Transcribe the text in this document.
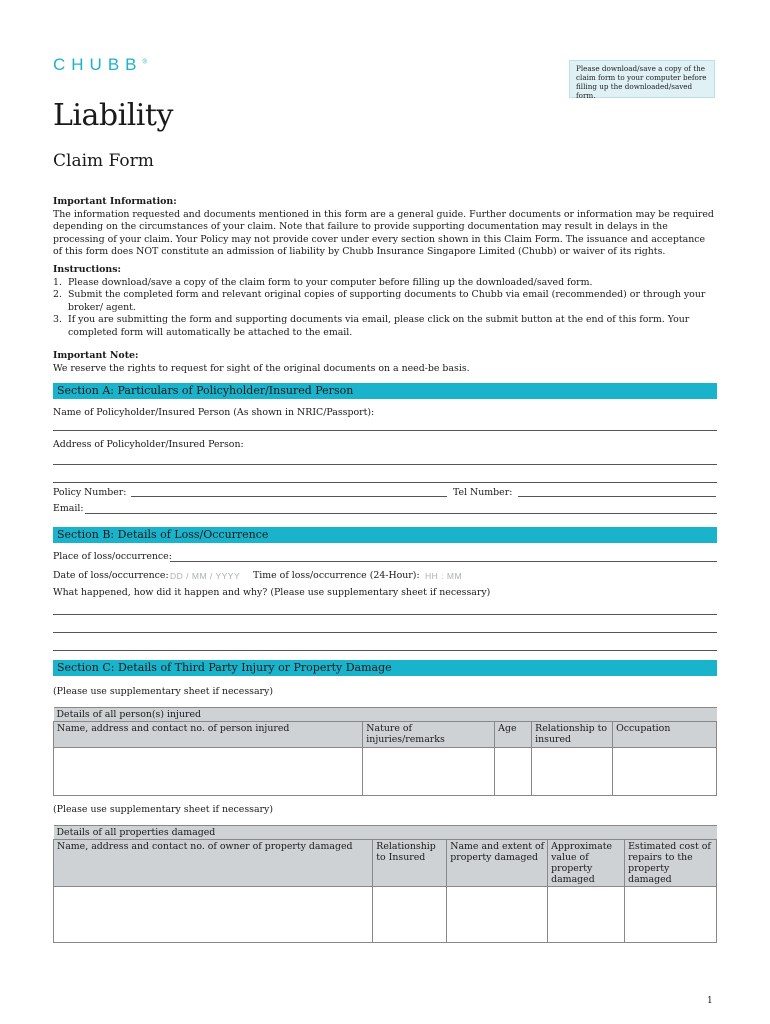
CHUBB®
Please download/save a copy of the claim form to your computer before filling up the downloaded/saved form.
Liability
Claim Form
Important Information:
The information requested and documents mentioned in this form are a general guide. Further documents or information may be required depending on the circumstances of your claim. Note that failure to provide supporting documentation may result in delays in the processing of your claim. Your Policy may not provide cover under every section shown in this Claim Form. The issuance and acceptance of this form does NOT constitute an admission of liability by Chubb Insurance Singapore Limited (Chubb) or waiver of its rights.
Instructions:
1. Please download/save a copy of the claim form to your computer before filling up the downloaded/saved form.
2. Submit the completed form and relevant original copies of supporting documents to Chubb via email (recommended) or through your broker/ agent.
3. If you are submitting the form and supporting documents via email, please click on the submit button at the end of this form. Your completed form will automatically be attached to the email.
Important Note:
We reserve the rights to request for sight of the original documents on a need-be basis.
Section A: Particulars of Policyholder/Insured Person
Name of Policyholder/Insured Person (As shown in NRIC/Passport):
Address of Policyholder/Insured Person:
Policy Number:	Tel Number:
Email:
Section B: Details of Loss/Occurrence
Place of loss/occurrence:
Date of loss/occurrence: DD / MM / YYYY Time of loss/occurrence (24-Hour): HH : MM
What happened, how did it happen and why? (Please use supplementary sheet if necessary)
Section C: Details of Third Party Injury or Property Damage
(Please use supplementary sheet if necessary)
Details of all person(s) injured				
Name, address and contact no. of person injured	Nature of injuries/remarks	Age	Relationship to insured	Occupation

(Please use supplementary sheet if necessary)
Details of all properties damaged				
Name, address and contact no. of owner of property damaged	Relationship to Insured	Name and extent of property damaged	Approximate value of property damaged	Estimated cost of repairs to the property damaged

1
